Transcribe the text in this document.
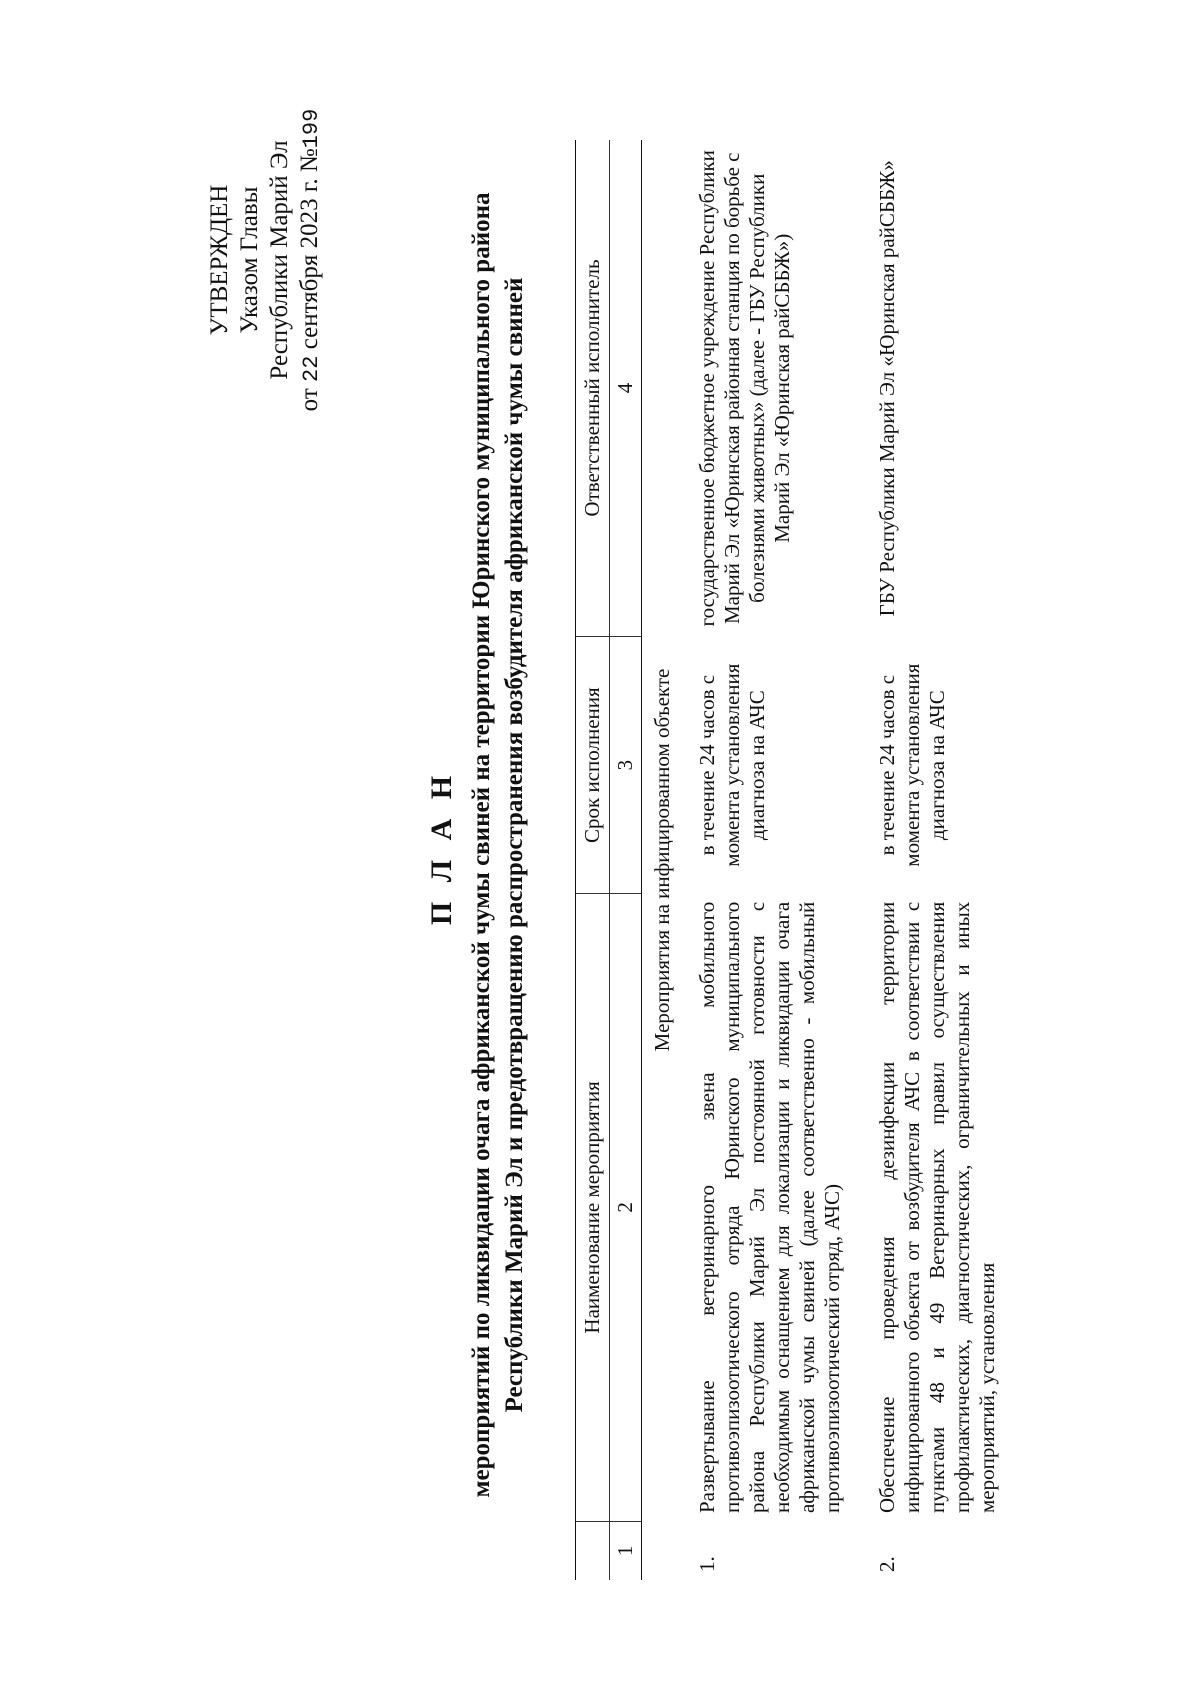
УТВЕРЖДЕН Указом Главы Республики Марий Эл
от 22 сентября 2023 г. №199
П Л А Н мероприятий по ликвидации очага африканской чумы свиней на территории Юринского муниципального района Республики Марий Эл и предотвращению распространения возбудителя африканской чумы свиней
	Наименование мероприятия	Срок исполнения	Ответственный исполнитель
1	2	3	4
Мероприятия на инфицированном объекте			
1.	Развертывание ветеринарного звена мобильного противоэпизоотического отряда Юринского муниципального района Республики Марий Эл постоянной готовности с необходимым оснащением для локализации и ликвидации очага африканской чумы свиней (далее соответственно - мобильный противоэпизоотический отряд, АЧС)	в течение 24 часов с момента установления диагноза на АЧС	государственное бюджетное учреждение Республики Марий Эл «Юринская районная станция по борьбе с болезнями животных» (далее - ГБУ Республики Марий Эл «Юринская райСББЖ»)
2.	Обеспечение проведения дезинфекции территории инфицированного объекта от возбудителя АЧС в соответствии с пунктами 48 и 49 Ветеринарных правил осуществления профилактических, диагностических, ограничительных и иных мероприятий, установления	в течение 24 часов с момента установления диагноза на АЧС	ГБУ Республики Марий Эл «Юринская райСББЖ»
